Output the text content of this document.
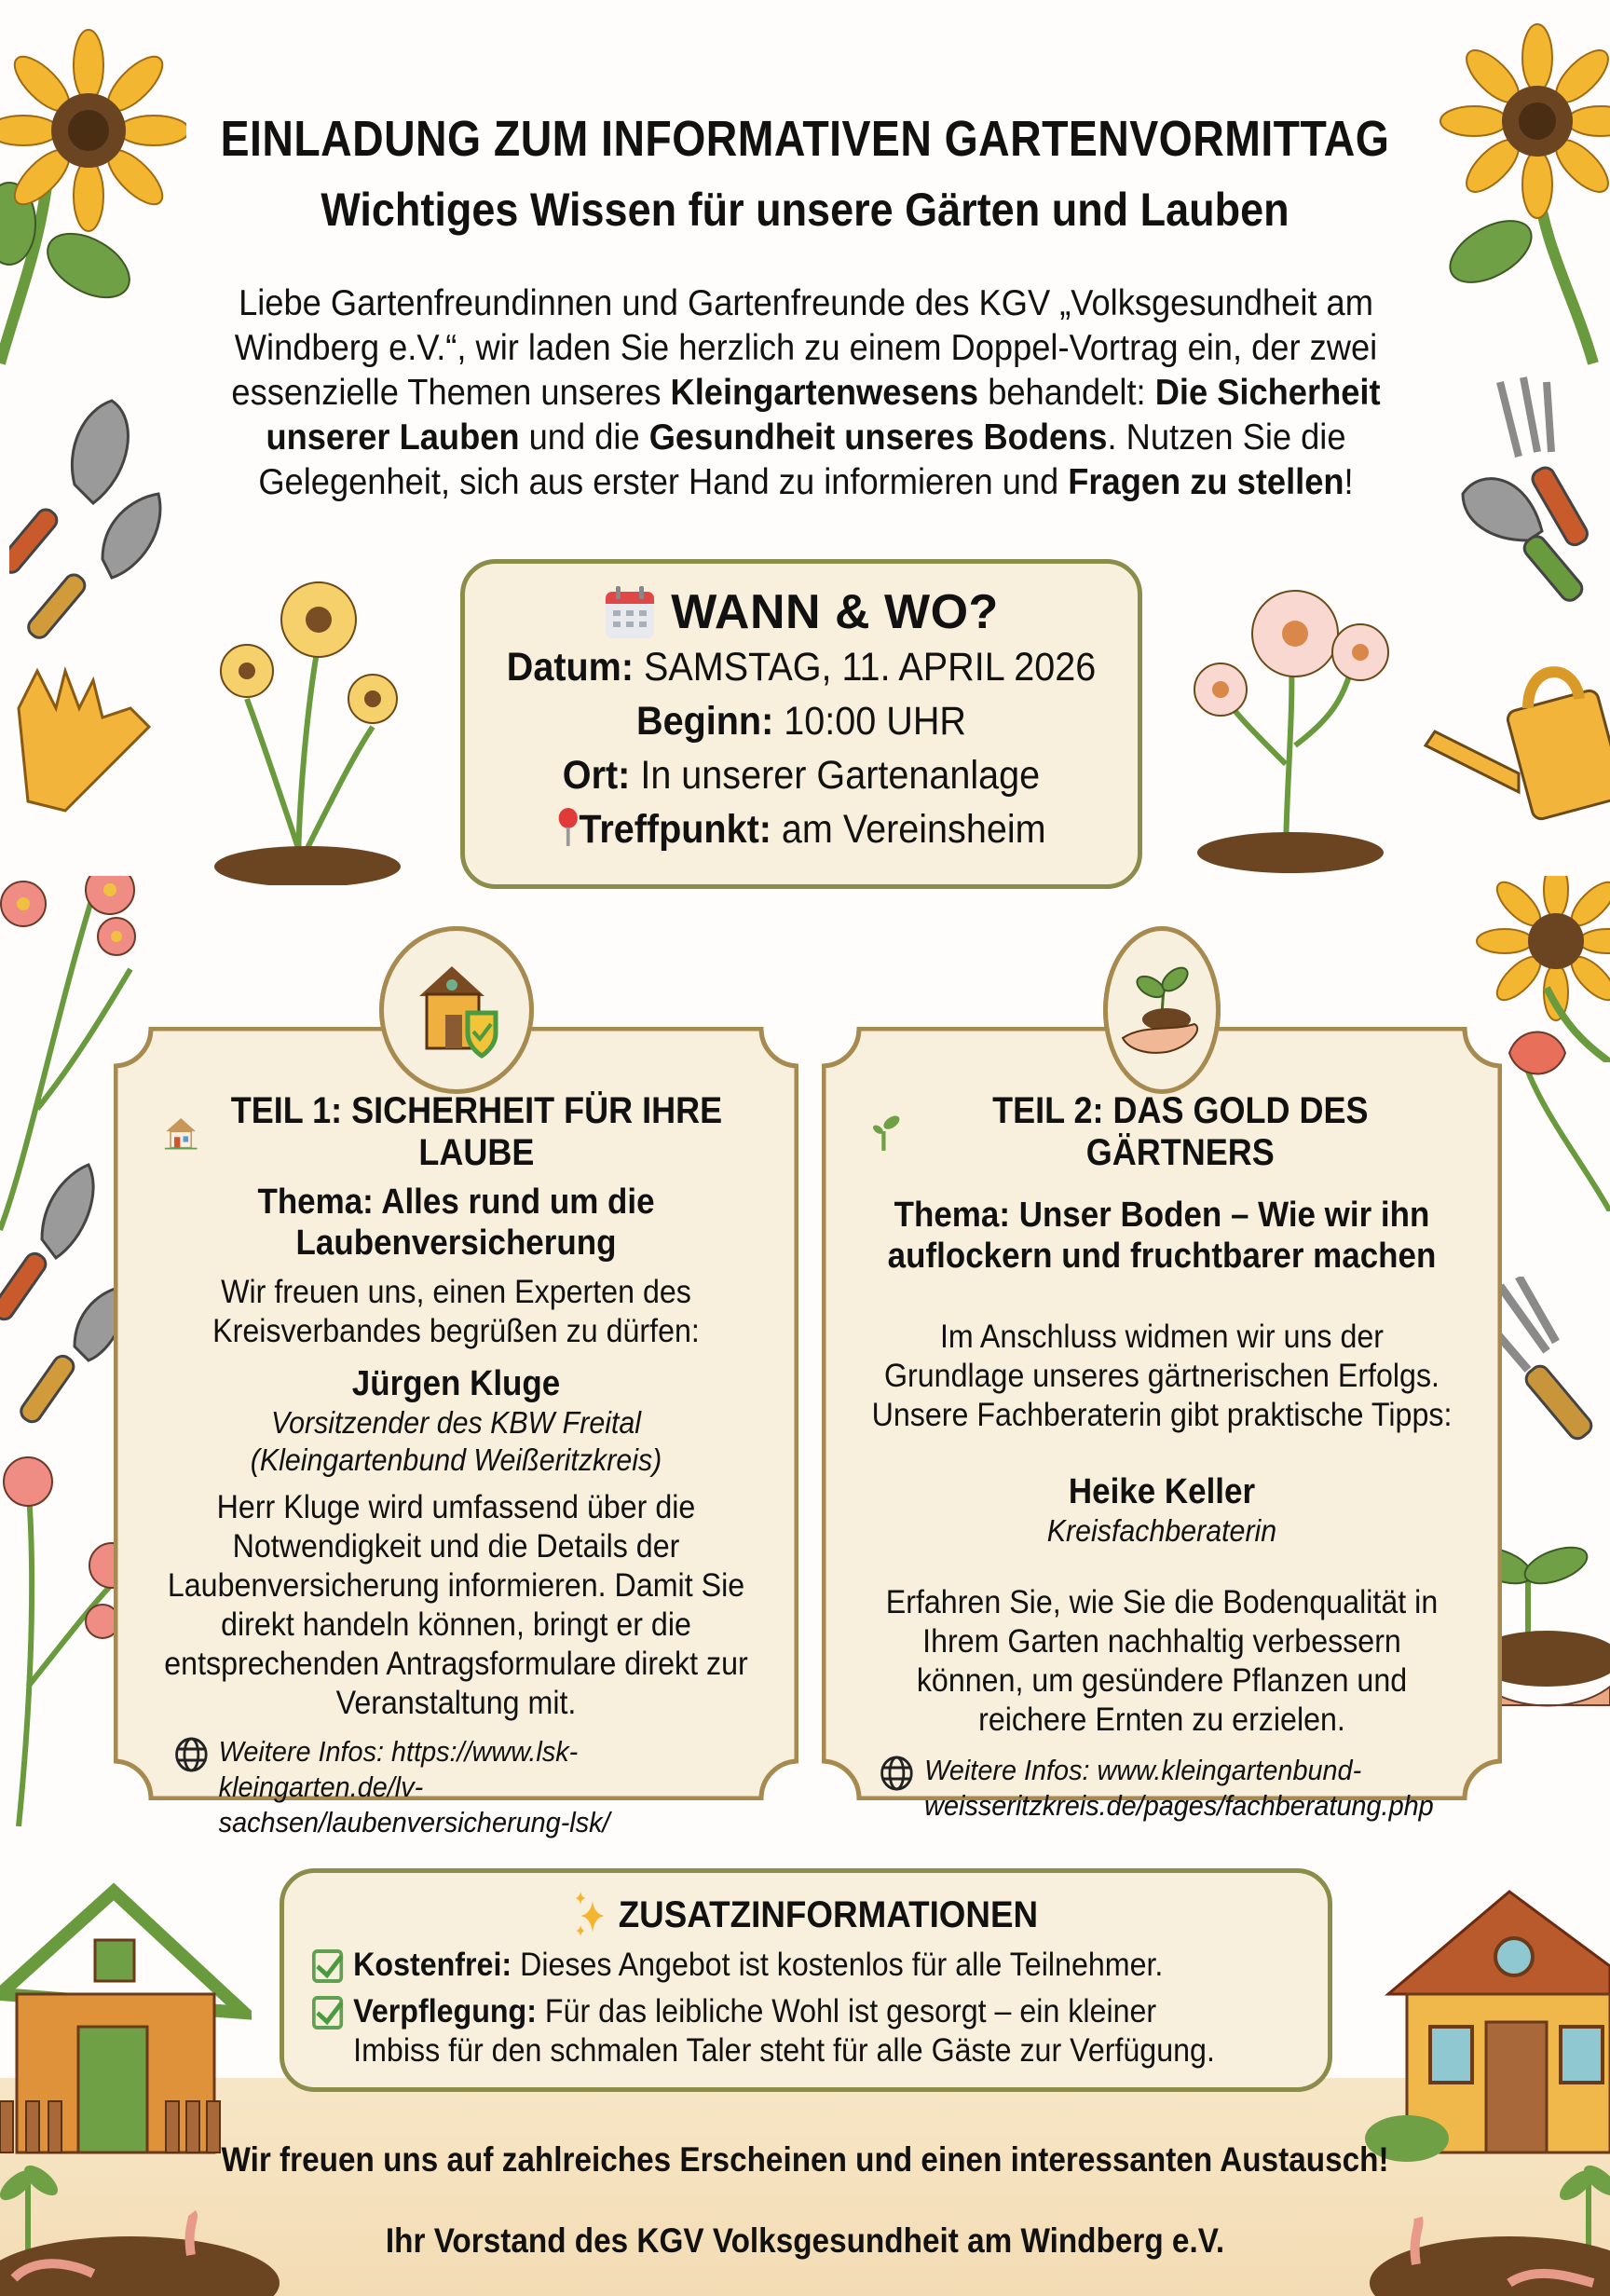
EINLADUNG ZUM INFORMATIVEN GARTENVORMITTAG
Wichtiges Wissen für unsere Gärten und Lauben

Liebe Gartenfreundinnen und Gartenfreunde des KGV „Volksgesundheit am Windberg e.V.“, wir laden Sie herzlich zu einem Doppel-Vortrag ein, der zwei essenzielle Themen unseres Kleingartenwesens behandelt: Die Sicherheit unserer Lauben und die Gesundheit unseres Bodens. Nutzen Sie die Gelegenheit, sich aus erster Hand zu informieren und Fragen zu stellen!

WANN & WO?
Datum: SAMSTAG, 11. APRIL 2026
Beginn: 10:00 UHR
Ort: In unserer Gartenanlage
Treffpunkt: am Vereinsheim
TEIL 1: SICHERHEIT FÜR IHRE LAUBE
Thema: Alles rund um die Laubenversicherung
Wir freuen uns, einen Experten des Kreisverbandes begrüßen zu dürfen:
Jürgen Kluge
Vorsitzender des KBW Freital
(Kleingartenbund Weißeritzkreis)
Herr Kluge wird umfassend über die Notwendigkeit und die Details der Laubenversicherung informieren. Damit Sie direkt handeln können, bringt er die entsprechenden Antragsformulare direkt zur Veranstaltung mit.
Weitere Infos: https://www.lsk-kleingarten.de/lv-sachsen/laubenversicherung-lsk/
TEIL 2: DAS GOLD DES GÄRTNERS
Thema: Unser Boden – Wie wir ihn auflockern und fruchtbarer machen
Im Anschluss widmen wir uns der Grundlage unseres gärtnerischen Erfolgs. Unsere Fachberaterin gibt praktische Tipps:
Heike Keller
Kreisfachberaterin
Erfahren Sie, wie Sie die Bodenqualität in Ihrem Garten nachhaltig verbessern können, um gesündere Pflanzen und reichere Ernten zu erzielen.
Weitere Infos: www.kleingartenbund-weisseritzkreis.de/pages/fachberatung.php
ZUSATZINFORMATIONEN
Kostenfrei: Dieses Angebot ist kostenlos für alle Teilnehmer.
Verpflegung: Für das leibliche Wohl ist gesorgt – ein kleiner Imbiss für den schmalen Taler steht für alle Gäste zur Verfügung.

Wir freuen uns auf zahlreiches Erscheinen und einen interessanten Austausch!

Ihr Vorstand des KGV Volksgesundheit am Windberg e.V.
